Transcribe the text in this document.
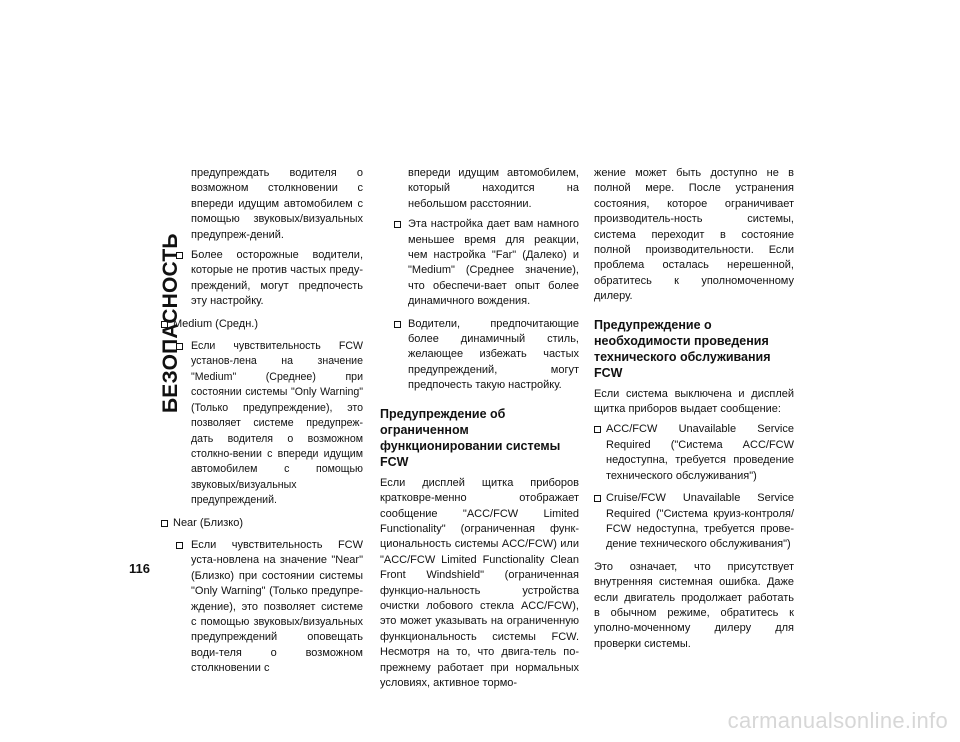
БЕЗОПАСНОСТЬ
116

предупреждать водителя о возможном столкновении с впереди идущим автомобилем с помощью звуковых/визуальных предупреж-дений.

Более осторожные водители, которые не против частых преду-преждений, могут предпочесть эту настройку.
Medium (Средн.)
Если чувствительность FCW установ-лена на значение "Medium" (Среднее) при состоянии системы "Only Warning" (Только предупреждение), это позволяет системе предупреж-дать водителя о возможном столкно-вении с впереди идущим автомобилем с помощью звуковых/визуальных предупреждений.
Near (Близко)
Если чувствительность FCW уста-новлена на значение "Near" (Близко) при состоянии системы "Only Warning" (Только предупре-ждение), это позволяет системе с помощью звуковых/визуальных предупреждений оповещать води-теля о возможном столкновении с

впереди идущим автомобилем, который находится на небольшом расстоянии.

Эта настройка дает вам намного меньшее время для реакции, чем настройка "Far" (Далеко) и "Medium" (Среднее значение), что обеспечи-вает опыт более динамичного вождения.
Водители, предпочитающие более динамичный стиль, желающее избежать частых предупреждений, могут предпочесть такую настройку.
Предупреждение об ограниченном функционировании системы FCW

Если дисплей щитка приборов кратковре-менно отображает сообщение "ACC/FCW Limited Functionality" (ограниченная функ-циональность системы ACC/FCW) или "ACC/FCW Limited Functionality Clean Front Windshield" (ограниченная функцио-нальность устройства очистки лобового стекла ACC/FCW), это может указывать на ограниченную функциональность системы FCW. Несмотря на то, что двига-тель по-прежнему работает при нормальных условиях, активное тормо-

жение может быть доступно не в полной мере. После устранения состояния, которое ограничивает производитель-ность системы, система переходит в состояние полной производительности. Если проблема осталась нерешенной, обратитесь к уполномоченному дилеру.

Предупреждение о необходимости проведения технического обслуживания FCW

Если система выключена и дисплей щитка приборов выдает сообщение:

ACC/FCW Unavailable Service Required ("Система ACC/FCW недоступна, требуется проведение технического обслуживания")
Cruise/FCW Unavailable Service Required ("Система круиз-контроля/ FCW недоступна, требуется прове-дение технического обслуживания")

Это означает, что присутствует внутренняя системная ошибка. Даже если двигатель продолжает работать в обычном режиме, обратитесь к уполно-моченному дилеру для проверки системы.

carmanualsonline.info
